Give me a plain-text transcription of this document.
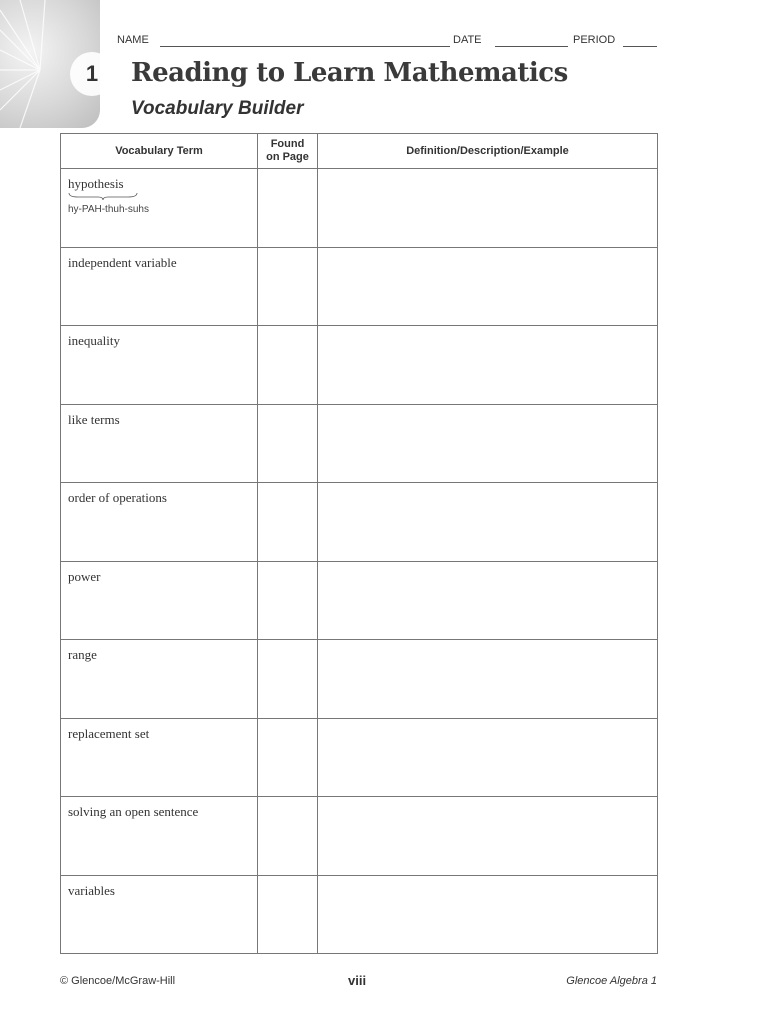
1
NAME	DATE	PERIOD
Reading to Learn Mathematics
Vocabulary Builder
Vocabulary Term	Found on Page	Definition/Description/Example

hypothesis
hy-PAH-thuh-suhs		

independent variable		

inequality		

like terms		

order of operations		

power		

range		

replacement set		

solving an open sentence		

variables		

© Glencoe/McGraw-Hill	viii	Glencoe Algebra 1
